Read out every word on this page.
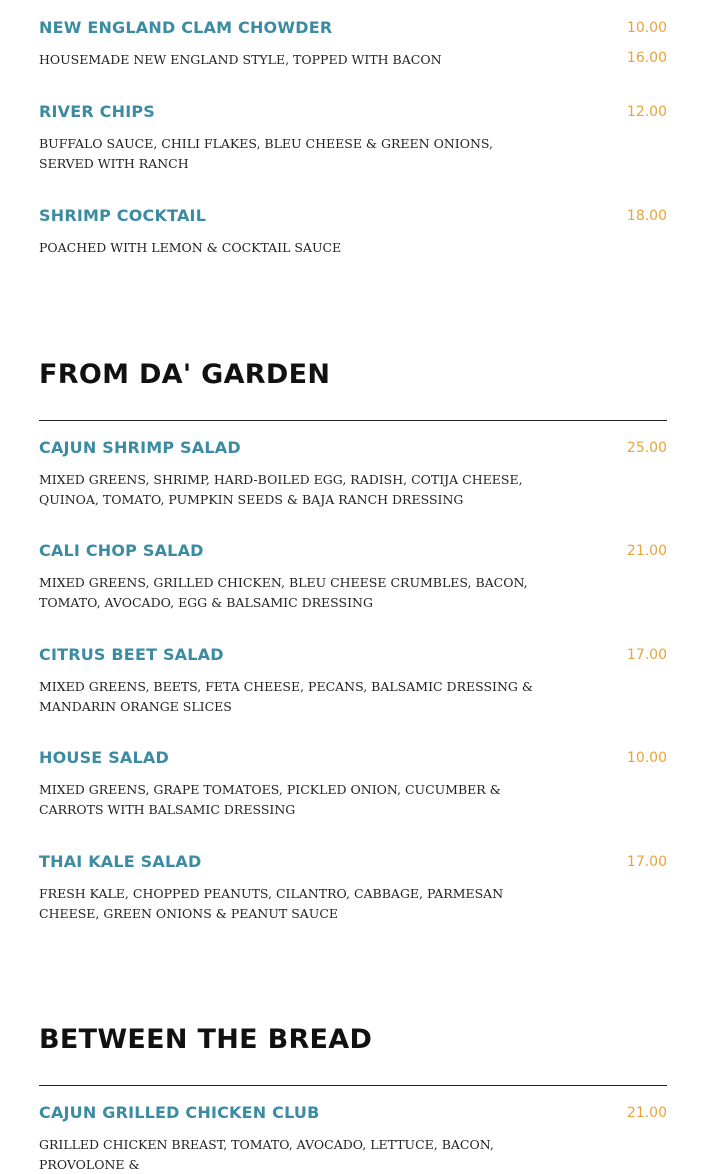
NEW ENGLAND CLAM CHOWDER	10.00
16.00
HOUSEMADE NEW ENGLAND STYLE, TOPPED WITH BACON
RIVER CHIPS	12.00
BUFFALO SAUCE, CHILI FLAKES, BLEU CHEESE & GREEN ONIONS, SERVED WITH RANCH
SHRIMP COCKTAIL	18.00
POACHED WITH LEMON & COCKTAIL SAUCE
FROM DA' GARDEN
CAJUN SHRIMP SALAD	25.00
MIXED GREENS, SHRIMP, HARD-BOILED EGG, RADISH, COTIJA CHEESE, QUINOA, TOMATO, PUMPKIN SEEDS & BAJA RANCH DRESSING
CALI CHOP SALAD	21.00
MIXED GREENS, GRILLED CHICKEN, BLEU CHEESE CRUMBLES, BACON, TOMATO, AVOCADO, EGG & BALSAMIC DRESSING
CITRUS BEET SALAD	17.00
MIXED GREENS, BEETS, FETA CHEESE, PECANS, BALSAMIC DRESSING & MANDARIN ORANGE SLICES
HOUSE SALAD	10.00
MIXED GREENS, GRAPE TOMATOES, PICKLED ONION, CUCUMBER & CARROTS WITH BALSAMIC DRESSING
THAI KALE SALAD	17.00
FRESH KALE, CHOPPED PEANUTS, CILANTRO, CABBAGE, PARMESAN CHEESE, GREEN ONIONS & PEANUT SAUCE
BETWEEN THE BREAD
CAJUN GRILLED CHICKEN CLUB	21.00
GRILLED CHICKEN BREAST, TOMATO, AVOCADO, LETTUCE, BACON, PROVOLONE &
